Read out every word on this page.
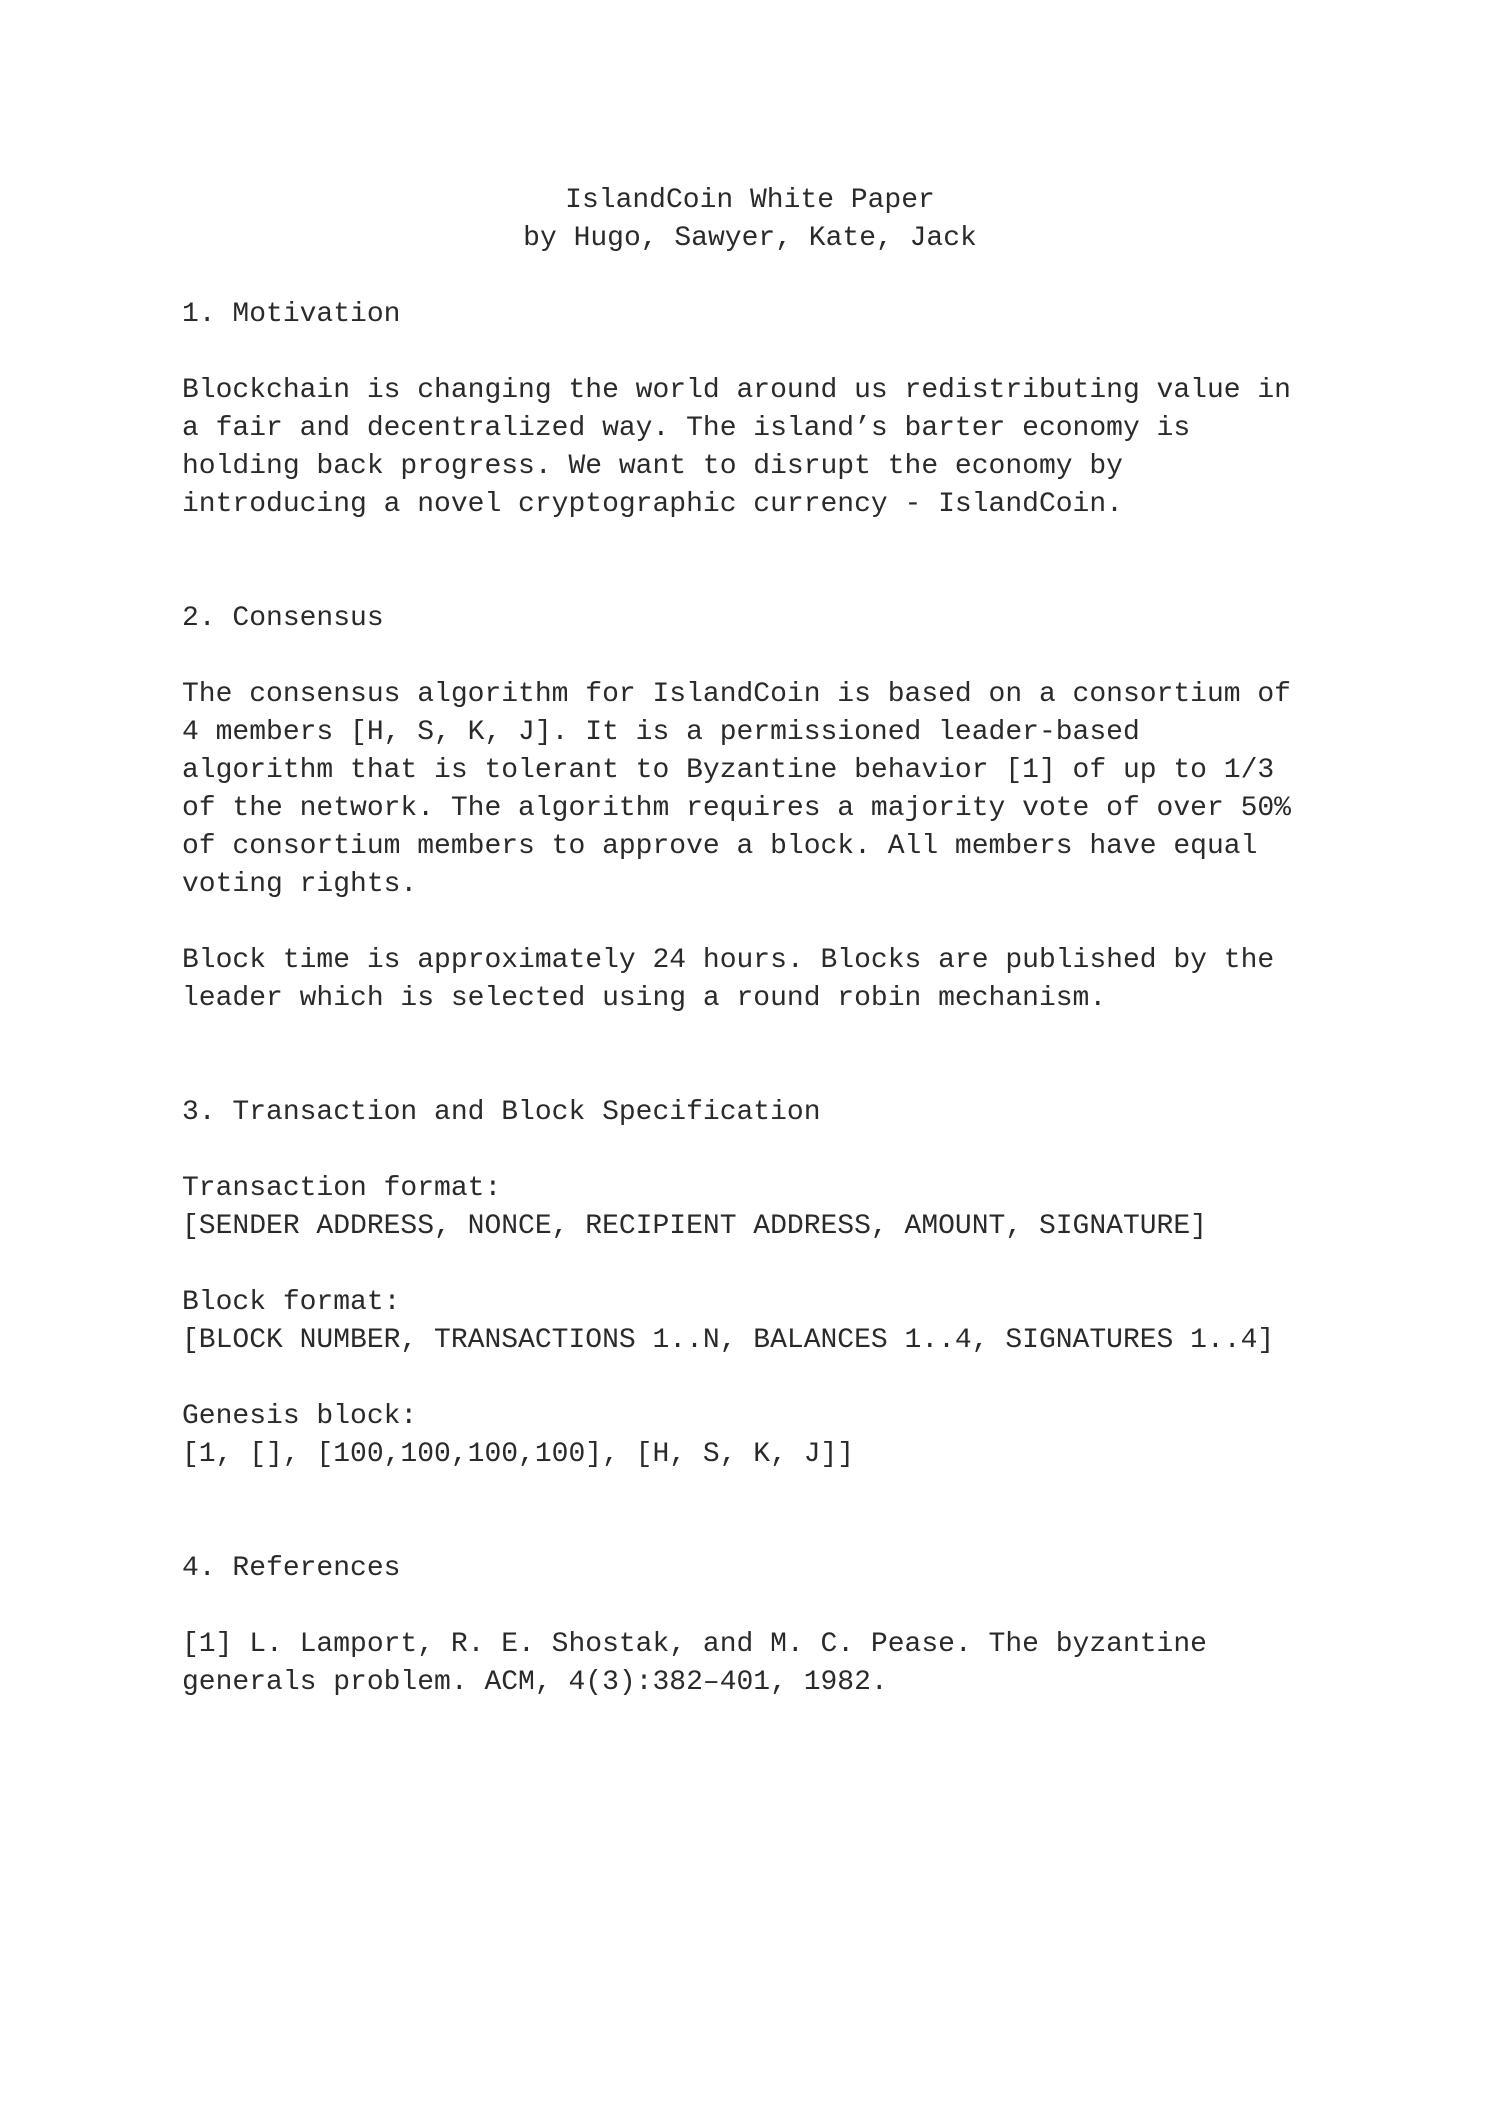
IslandCoin White Paper
by Hugo, Sawyer, Kate, Jack
1. Motivation
Blockchain is changing the world around us redistributing value in
a fair and decentralized way. The island’s barter economy is
holding back progress. We want to disrupt the economy by
introducing a novel cryptographic currency - IslandCoin.
2. Consensus
The consensus algorithm for IslandCoin is based on a consortium of
4 members [H, S, K, J]. It is a permissioned leader-based
algorithm that is tolerant to Byzantine behavior [1] of up to 1/3
of the network. The algorithm requires a majority vote of over 50%
of consortium members to approve a block. All members have equal
voting rights.
Block time is approximately 24 hours. Blocks are published by the
leader which is selected using a round robin mechanism.
3. Transaction and Block Specification
Transaction format:
[SENDER ADDRESS, NONCE, RECIPIENT ADDRESS, AMOUNT, SIGNATURE]
Block format:
[BLOCK NUMBER, TRANSACTIONS 1..N, BALANCES 1..4, SIGNATURES 1..4]
Genesis block:
[1, [], [100,100,100,100], [H, S, K, J]]
4. References
[1] L. Lamport, R. E. Shostak, and M. C. Pease. The byzantine
generals problem. ACM, 4(3):382–401, 1982.
